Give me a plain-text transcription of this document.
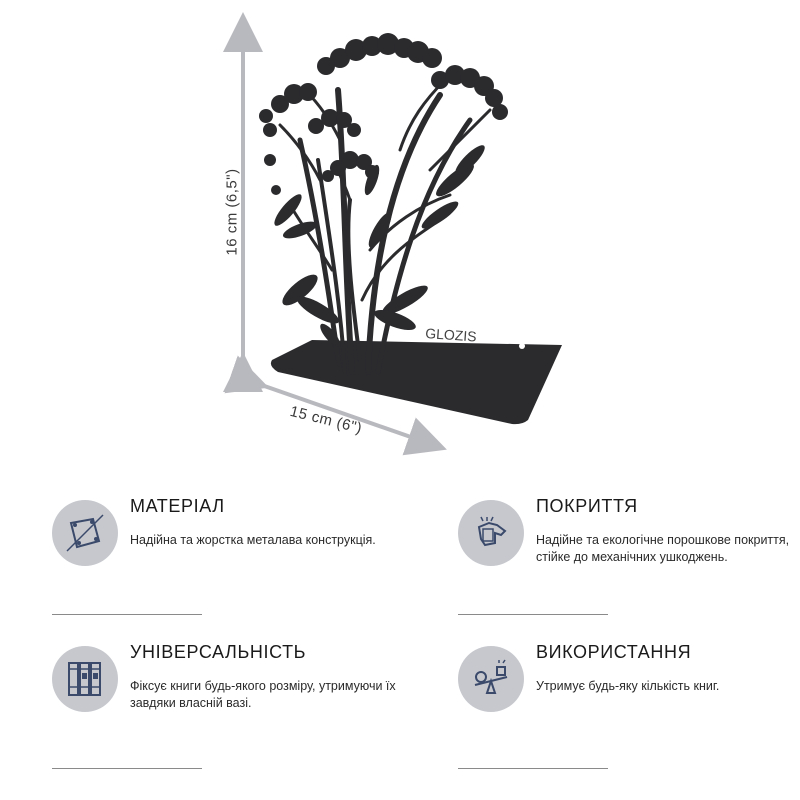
GLOZIS
16 cm (6,5")
15 cm (6")
МАТЕРІАЛ
Надійна та жорстка металава конструкція.
ПОКРИТТЯ
Надійне та екологічне порошкове покриття, стійке до механічних ушкоджень.
УНІВЕРСАЛЬНІСТЬ
Фіксує книги будь-якого розміру, утримуючи їх завдяки власній вазі.
ВИКОРИСТАННЯ
Утримує будь-яку кількість книг.
